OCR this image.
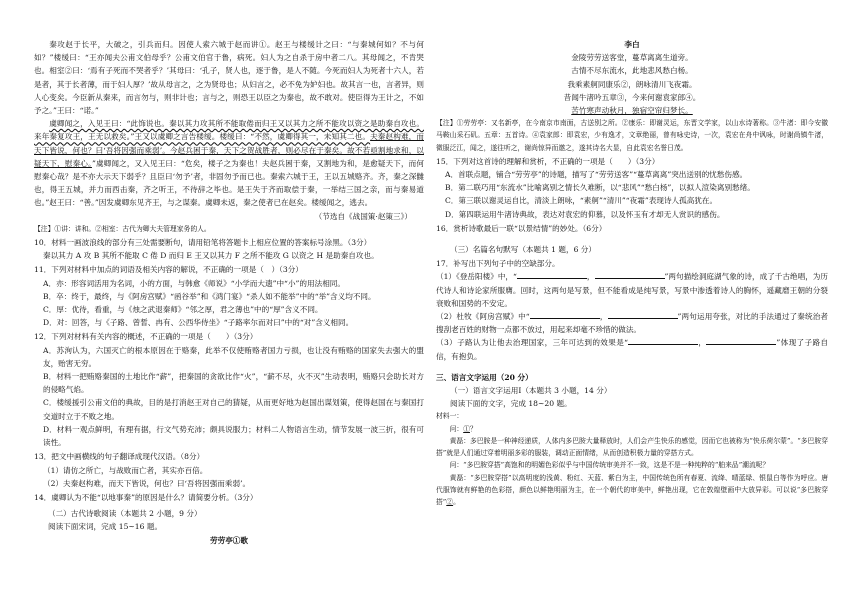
秦攻赵于长平，大破之，引兵而归。因使人索六城于赵而讲①。赵王与楼缓计之曰：“与秦城何如？不与何如？”楼缓曰：“王亦闻夫公甫文伯母乎？公甫文伯官于鲁，病死。妇人为之自杀于房中者二八。其母闻之，不肯哭也。相室②曰：‘焉有子死而不哭者乎？’其母曰：‘孔子，贤人也，逐于鲁，是人不随。今死而妇人为死者十六人，若是者，其于长者薄，而于妇人厚？’故从母言之，之为贤母也；从妇言之，必不免为妒妇也。故其言一也，言者异，则人心变矣。今臣新从秦来，而言勿与，则非计也；言与之，则恐王以臣之为秦也，故不敢对。使臣得为王计之，不如予之。”王曰：“诺。”

虞卿闻之，入见王曰：“此饰说也。秦以其力攻其所不能取倦而归王又以其力之所不能攻以资之是助秦自攻也。来年秦复攻王，王无以救矣。”王又以虞卿之言告楼缓。楼缓曰：“不然，虞卿得其一，未知其二也。夫秦赵构难，而天下皆说，何也？曰‘吾将因强而乘弱’。今赵兵困于秦，天下之贺战胜者，则必尽在于秦矣。故不若亟割地求和，以疑天下，慰秦心。”虞卿闻之，又入见王曰：“危矣，楼子之为秦也！夫赵兵困于秦，又割地为和，是愈疑天下，而何慰秦心哉？是不亦大示天下弱乎？且臣曰‘勿予’者，非固勿予而已也。秦索六城于王，王以五城赂齐。齐，秦之深雠也，得王五城，并力而西击秦，齐之听王，不待辞之毕也。是王失于齐而取偿于秦，一举结三国之亲，而与秦易道也。”赵王曰：“善。”因发虞卿东见齐王，与之谋秦。虞卿未返，秦之使者已在赵矣。楼缓闻之，逃去。

（节选自《战国策·赵策三》）

【注】①讲：讲和。②相室：古代为卿大夫管理家务的人。

10．材料一画波浪线的部分有三处需要断句，请用铅笔将答题卡上相应位置的答案标号涂黑。（3分）

秦以其力 A 攻 B 其所不能取 C 倦 D 而归 E 王又以其力 F 之所不能攻 G 以资之 H 是助秦自攻也。

11．下列对材料中加点的词语及相关内容的解说，不正确的一项是（　）（3分）

A．亦：形容词活用为名词，小的方面，与韩愈《师说》“小学而大遗”中“小”的用法相同。

B．卒：终于，最终，与《阿房宫赋》“函谷举”和《鸿门宴》“杀人如不能举”中的“举”含义均不同。

C．厚：优待，看重，与《烛之武退秦师》“邻之厚，君之薄也”中的“厚”含义不同。

D．对：回答，与《子路、曾皙、冉有、公西华侍坐》“子路率尔而对曰”中的“对”含义相同。

12．下列对材料有关内容的概述，不正确的一项是（　　）（3分）

A．苏洵认为，六国灭亡的根本原因在于赂秦，此举不仅使贿赂者国力亏损，也让没有贿赂的国家失去强大的盟友，贻害无穷。

B．材料一把贿赂秦国的土地比作“薪”，把秦国的贪欲比作“火”，“薪不尽，火不灭”生动表明，贿赂只会助长对方的侵略气焰。

C．楼缓援引公甫文伯的典故，目的是打消赵王对自己的猜疑，从而更好地为赵国出谋划策，使得赵国在与秦国打交道时立于不败之地。

D．材料一观点鲜明，有理有据，行文气势充沛；颇具说服力；材料二人物语言生动，情节发展一波三折，很有可读性。

13．把文中画横线的句子翻译成现代汉语。（8分）

（1）请仿之所亡，与战败而亡者，其实亦百倍。

（2）夫秦赵构难，而天下皆说，何也？曰‘吾将因强而乘弱’。

14．虞卿认为不能“以地事秦”的原因是什么？请简要分析。（3分）

（二）古代诗歌阅读（本题共 2 小题，9 分）

阅读下面宋词，完成 15~16 题。

劳劳亭①歌

李白

金陵劳劳送客堂，蔓草离离生道旁。

古情不尽东流水，此地悲风愁白杨。

我乘素舸同康乐②，朗咏清川飞夜霜。

昔闻牛渚吟五章③，今来何谢袁家郎④。

苦竹寒声动秋月，独宿空帘归梦长。

【注】①劳劳亭：又名新亭，在今南京市南面，古送别之所。②康乐：即谢灵运，东晋文学家，以山水诗著称。③牛渚：即今安徽马鞍山采石矶。五章：五首诗。④袁家郎：即袁宏，少有逸才，文章绝丽，曾有咏史诗，一次，袁宏在舟中讽咏，时谢尚镇牛渚，微服泛江，闻之，遂往听之，谢尚惊异而邀之，遂其诗名大显，自此袁宏名誉日茂。

15．下列对这首诗的理解和赏析，不正确的一项是（　　）（3分）

A．首联点题，铺合“劳劳亭”的诗题，描写了“劳劳送客”“蔓草离离”突出送别的忧愁伤感。

B．第二联巧用“东流水”比喻离别之情长久难断，以“悲风”“愁白杨”，以拟人渲染离别愁绪。

C．第三联以谢灵运自比，清淡上朗咏，“素舸”“清川”“夜霜”表现诗人孤高犹在。

D．第四联运用牛渚诗典故，表达对袁宏的仰慕，以及怀玉有才却无人赏识的感伤。

16．赏析诗歌最后一联“以景结情”的妙处。（6分）

（三）名篇名句默写（本题共 1 题，6 分）

17．补写出下列句子中的空缺部分。

（1）《登岳阳楼》中，“	，	”两句描绘洞庭湖气象的诗，成了千古绝唱，为历代诗人和诗论家所服膺。回时，这两句是写景，但不能看成是纯写景，写景中渗透着诗人的胸怀，遥藏磨王朝的分裂衰败和国势的不安定。

（2）杜牧《阿房宫赋》中“	，	”两句运用夸张，对比的手法通过了秦统治者搜刮老百姓的财物一点都不放过，用起来却毫不珍惜的做法。

（3）子路认为让他去治理国家，三年可达到的效果是“	，	”体现了子路自信，有抱负。

三、语言文字运用（20 分）

（一）语言文字运用Ⅰ（本题共 3 小题，14 分）

阅读下面的文字，完成 18~20 题。

材料一：

问：①？

黄磊：多巴胺是一种神经递质，人体内多巴胺大量释放时，人们会产生快乐的感觉，因而它也被称为“快乐荷尔蒙”。“多巴胺穿搭”就是人们通过穿着明丽多彩的服装，调动正面情绪，从而创造积极力量的穿搭方式。

问：“多巴胺穿搭”高饱和的明媚色彩似乎与中国传统审美并不一致，这是不是一种纯粹的“舶来品”潮流呢？

黄磊：“多巴胺穿搭”以高明度的浅黄、粉红、天蓝、紫白为主，中国传统色所有春夏、流绛、晴蓝绿、银鼠白等作为呼应。唐代服饰就有鲜艳的色彩搭，颜色以鲜艳明丽为主，在一个朝代的审美中，鲜艳出现，它在敦煌壁画中大放异彩。可以说“多巴胺穿搭”②。
